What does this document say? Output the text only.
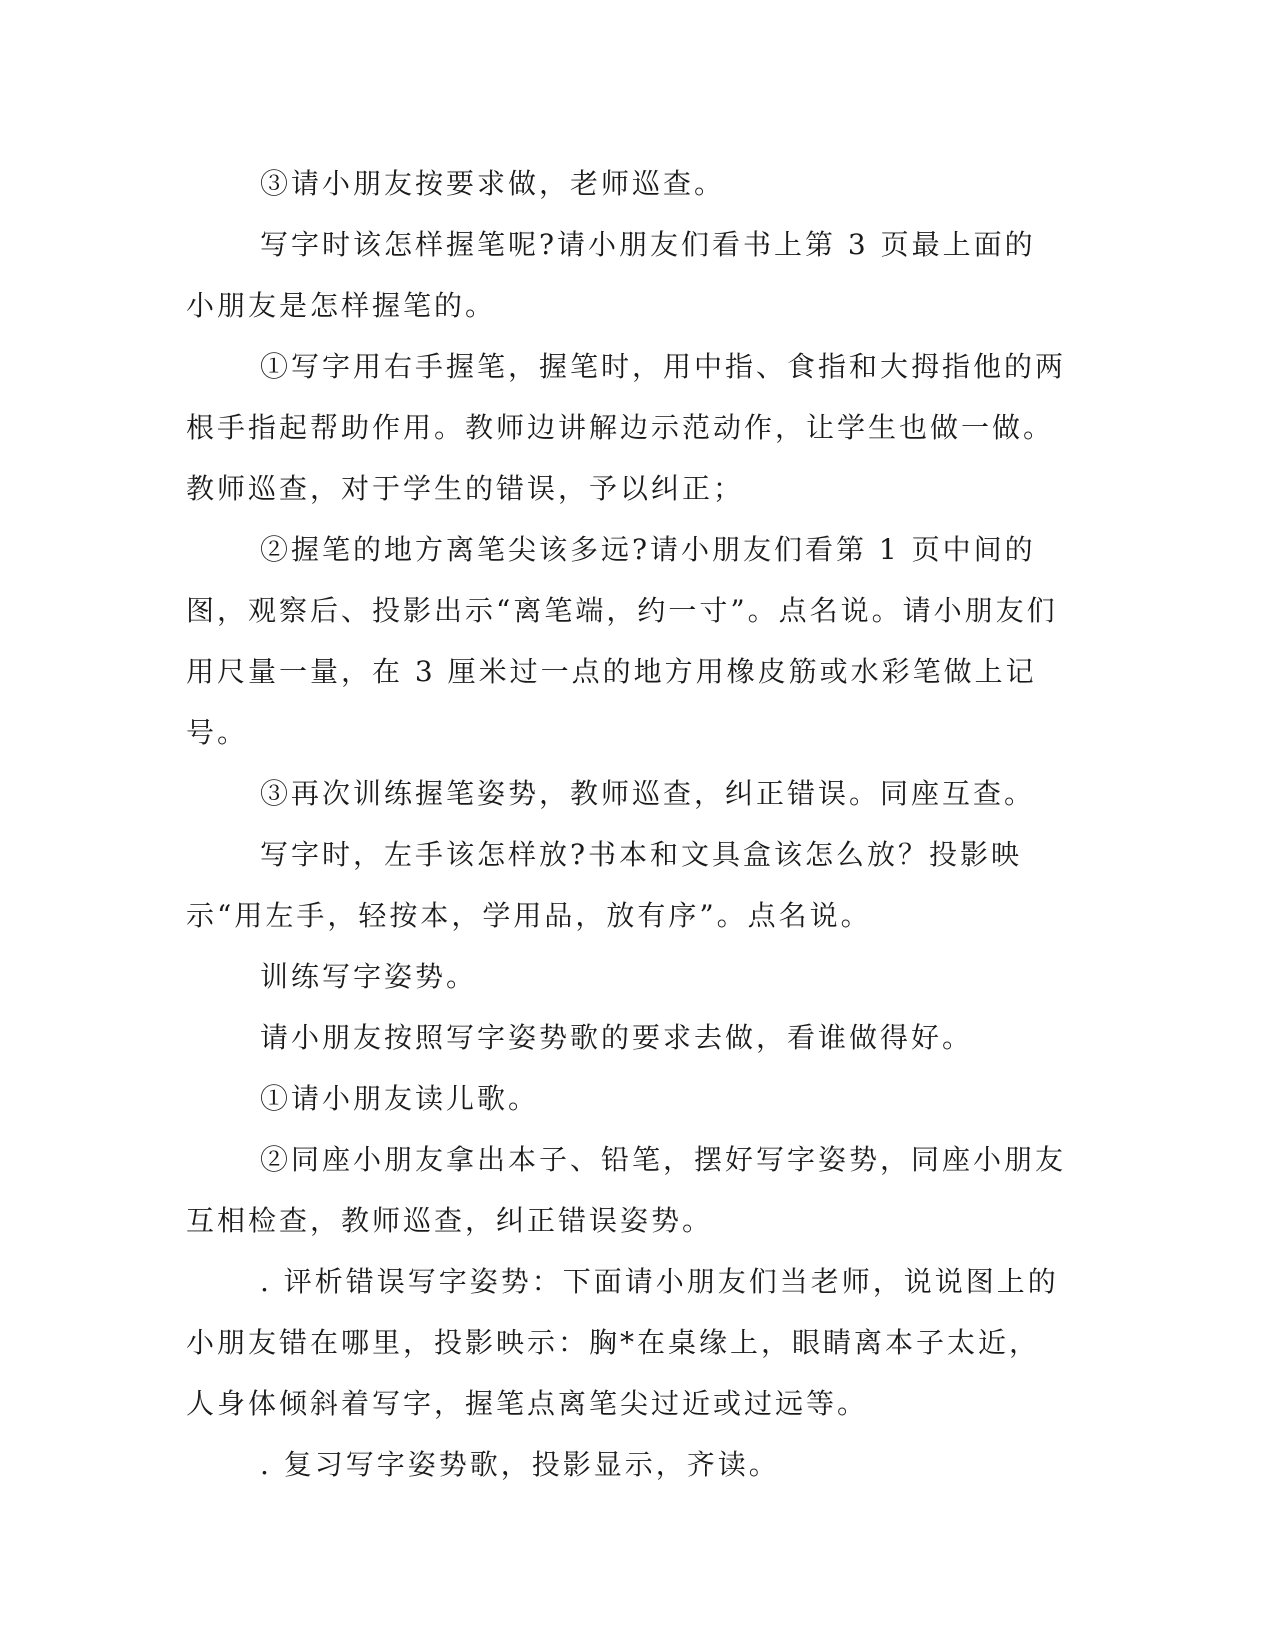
③请小朋友按要求做，老师巡查。

写字时该怎样握笔呢?请小朋友们看书上第 3 页最上面的小朋友是怎样握笔的。

①写字用右手握笔，握笔时，用中指、食指和大拇指他的两根手指起帮助作用。教师边讲解边示范动作，让学生也做一做。教师巡查，对于学生的错误，予以纠正；

②握笔的地方离笔尖该多远?请小朋友们看第 1 页中间的图，观察后、投影出示“离笔端，约一寸”。点名说。请小朋友们用尺量一量，在 3 厘米过一点的地方用橡皮筋或水彩笔做上记号。

③再次训练握笔姿势，教师巡查，纠正错误。同座互查。

写字时，左手该怎样放?书本和文具盒该怎么放？投影映示“用左手，轻按本，学用品，放有序”。点名说。

训练写字姿势。

请小朋友按照写字姿势歌的要求去做，看谁做得好。

①请小朋友读儿歌。

②同座小朋友拿出本子、铅笔，摆好写字姿势，同座小朋友互相检查，教师巡查，纠正错误姿势。

. 评析错误写字姿势：下面请小朋友们当老师，说说图上的小朋友错在哪里，投影映示：胸*在桌缘上，眼睛离本子太近，人身体倾斜着写字，握笔点离笔尖过近或过远等。

. 复习写字姿势歌，投影显示，齐读。
